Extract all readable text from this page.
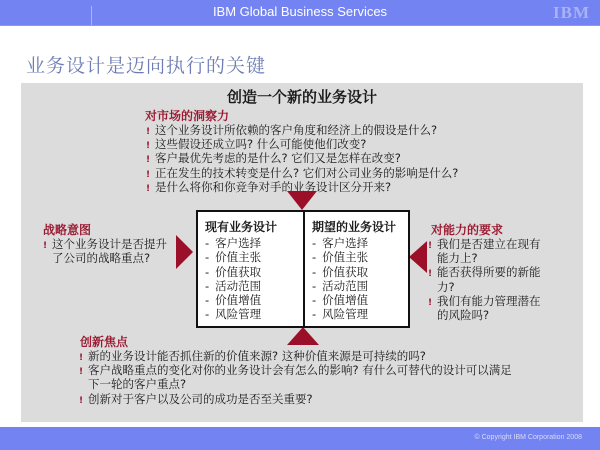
IBM Global Business Services	IBM
业务设计是迈向执行的关键
创造一个新的业务设计
对市场的洞察力
! 这个业务设计所依赖的客户角度和经济上的假设是什么?
! 这些假设还成立吗? 什么可能使他们改变?
! 客户最优先考虑的是什么? 它们又是怎样在改变?
! 正在发生的技术转变是什么? 它们对公司业务的影响是什么?
! 是什么将你和你竞争对手的业务设计区分开来?
战略意图
! 这个业务设计是否提升了公司的战略重点?
现有业务设计
- 客户选择
- 价值主张
- 价值获取
- 活动范围
- 价值增值
- 风险管理
期望的业务设计
- 客户选择
- 价值主张
- 价值获取
- 活动范围
- 价值增值
- 风险管理
对能力的要求
! 我们是否建立在现有能力上?
! 能否获得所要的新能力?
! 我们有能力管理潜在的风险吗?
创新焦点
! 新的业务设计能否抓住新的价值来源? 这种价值来源是可持续的吗?
! 客户战略重点的变化对你的业务设计会有怎么的影响? 有什么可替代的设计可以满足下一轮的客户重点?
! 创新对于客户以及公司的成功是否至关重要?
© Copyright IBM Corporation 2008
